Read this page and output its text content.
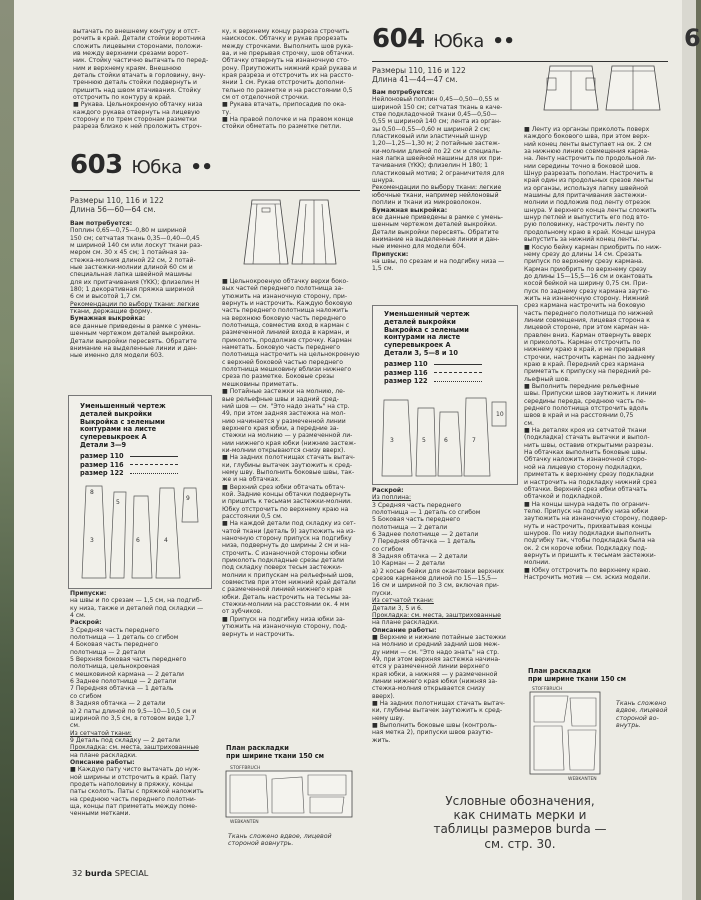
вытачать по внешнему контуру и отст-
рочить в край. Детали стойки воротника
сложить лицевыми сторонами, положи-
ив между верхними срезами ворот-
ник. Стойку частично вытачать по перед-
ним и верхнему краям. Внешнюю
деталь стойки втачать в горловину, вну-
треннюю деталь стойки подвернуть и
пришить над швом втачивания. Стойку
отстрочить по контуру в край.
■ Рукава. Цельнокроеную обтачку низа
каждого рукава отвернуть на лицевую
сторону и по трем сторонам разметки
разреза близко к ней проложить строч-
ку, к верхнему концу разреза строчить
наискосок. Обтачку и рукав прорезать
между строчками. Выполнить шов рука-
ва, и не прерывая строчку, шов обтачки.
Обтачку отвернуть на изнаночную сто-
рону. Приутюжить нижний край рукава и
края разреза и отстрочить их на рассто-
янии 1 см. Рукав отстрочить дополни-
тельно по разметке и на расстоянии 0,5
см от отделочной строчки.
■ Рукава втачать, припосадив по ока-
ту.
■ На правой полочке и на правом конце
стойки обметать по разметке петли.
603 Юбка ••
Размеры 110, 116 и 122
Длина 56—60—64 см.
Вам потребуется:
Поплин 0,65—0,75—0,80 м шириной
150 см; сетчатая ткань 0,35—0,40—0,45
м шириной 140 см или лоскут ткани раз-
мером см. 30 x 45 см; 1 потайная за-
стежка-молния длиной 22 см, 2 потай-
ные застежки-молнии длиной 60 см и
специальная лапка швейной машины
для их притачивания (YKK); флизелин H
180; 1 декоративная пряжка шириной
6 см и высотой 1,7 см.
Рекомендации по выбору ткани: легкие
ткани, держащие форму.
Бумажная выкройка:
все данные приведены в рамке с умень-
шенным чертежом деталей выкройки.
Детали выкройки пересвять. Обратите
внимание на выделенные линии и дан-
ные именно для модели 603.
Уменьшенный чертеж
деталей выкройки
Выкройка с зелеными
контурами на листе
суперевыкроек А
Детали 3—9
размер 110
размер 116
размер 122
8
5
3	6	4
9
Припуски:
на швы и по срезам — 1,5 см, на подгиб-
ку низа, также и деталей под складки —
4 см.
Раскрой:
3 Средняя часть переднего
полотнища — 1 деталь со сгибом
4 Боковая часть переднего
полотнища — 2 детали
5 Верхняя боковая часть переднего
полотнища, цельнокроеная
с мешковиной кармана — 2 детали
6 Заднее полотнище — 2 детали
7 Передняя обтачка — 1 деталь
со сгибом
8 Задняя обтачка — 2 детали
а) 2 паты длиной по 9,5—10—10,5 см и
шириной по 3,5 см, в готовом виде 1,7
см.
Из сетчатой ткани:
9 Деталь под складку — 2 детали
Прокладка: см. места, заштрихованные
на плане раскладки.
Описание работы:
■ Каждую пату чисто вытачать до нуж-
ной ширины и отстрочить в край. Пату
продеть наполовину в пряжку, концы
паты сколоть. Паты с пряжкой наложить
на среднюю часть переднего полотни-
ща, концы пат приметать между поме-
ченными метками.
■ Цельнокроеную обтачку верхи боко-
вых частей переднего полотнища за-
утюжить на изнаночную сторону, при-
вернуть и настрочить. Каждую боковую
часть переднего полотнища наложить
на верхнюю боковую часть переднего
полотнища, совместив вход в карман с
размеченной линией входа в карман, и
приколоть, продолжив строчку. Карман
наметать. Боковую часть переднего
полотнища настрочить на цельнокроеную
с верхней боковой частью переднего
полотнища мешковину вблизи нижнего
среза по разметке. Боковые срезы
мешковины приметать.
■ Потайные застежки на молнию, ле-
вые рельефные швы и задний сред-
ний шов — см. "Это надо знать" на стр.
49, при этом задняя застежка на мол-
нию начинается у размеченной линии
верхнего края юбки, а передние за-
стежки на молнию — у размеченной ли-
нии нижнего края юбки (нижние застеж-
ки-молнии открываются снизу вверх).
■ На задних полотнищах стачать вытач-
ки, глубины вытачек заутюжить к сред-
нему шву. Выполнить боковые швы, так-
же и на обтачках.
■ Верхний срез юбки обтачать обтач-
кой. Задние концы обтачки подвернуть
и пришить к тесьмам застежки-молнии.
Юбку отстрочить по верхнему краю на
расстоянии 0,5 см.
■ На каждой детали под складку из сет-
чатой ткани (деталь 9) заутюжить на из-
наночную сторону припуск на подгибку
низа, подвернуть до ширины 2 см и на-
строчить. С изнаночной стороны юбки
приколоть подкладные срезы детали
под складку поверх тесьм застежки-
молнии к припускам на рельефный шов,
совместив при этом нижний край детали
с размеченной линией нижнего края
юбки. Деталь настрочить на тесьмы за-
стежки-молнии на расстоянии ок. 4 мм
от зубчиков.
■ Припуск на подгибку низа юбки за-
утюжить на изнаночную сторону, под-
вернуть и настрочить.
План раскладки
при ширине ткани 150 см
STOFFBRUCH
WEBKANTEN
Ткань сложено вдвое, лицевой
стороной вовнутрь.
604 Юбка ••
Размеры 110, 116 и 122
Длина 41—44—47 см.
Вам потребуется:
Нейлоновый поплин 0,45—0,50—0,55 м
шириной 150 см; сетчатая ткань в каче-
стве подкладочной ткани 0,45—0,50—
0,55 м шириной 140 см; лента из орган-
зы 0,50—0,55—0,60 м шириной 2 см;
пластиковый или эластичный шнур
1,20—1,25—1,30 м; 2 потайные застеж-
ки-молнии длиной по 22 см и специаль-
ная лапка швейной машины для их при-
тачивания (YKK); флизелин H 180; 1
пластиковый мотив; 2 ограничителя для
шнура.
Рекомендации по выбору ткани: легкие
юбочные ткани, например нейлоновый
поплин и ткани из микроволокон.
Бумажная выкройка:
все данные приведены в рамке с умень-
шенным чертежом деталей выкройки.
Детали выкройки пересвять. Обратите
внимание на выделенные линии и дан-
ные именно для модели 604.
Припуски:
на швы, по срезам и на подгибку низа —
1,5 см.
Уменьшенный чертеж
деталей выкройки
Выкройка с зелеными
контурами на листе
суперевыкроек А
Детали 3, 5—8 и 10
размер 110
размер 116
размер 122
3	5	6	7
10
Раскрой:
Из поплина:
3 Средняя часть переднего
полотнища — 1 деталь со сгибом
5 Боковая часть переднего
полотнища — 2 детали
6 Заднее полотнище — 2 детали
7 Передняя обтачка — 1 деталь
со сгибом
8 Задняя обтачка — 2 детали
10 Карман — 2 детали
а) 2 косые бейки для окантовки верхних
срезов карманов длиной по 15—15,5—
16 см и шириной по 3 см, включая при-
пуски.
Из сетчатой ткани:
Детали 3, 5 и 6.
Прокладка: см. места, заштрихованные
на плане раскладки.
Описание работы:
■ Верхние и нижние потайные застежки
на молнию и средний задний шов меж-
ду ними — см. "Это надо знать" на стр.
49, при этом верхняя застежка начина-
ется у размеченной линии верхнего
края юбки, а нижняя — у размеченной
линии нижнего края юбки (нижняя за-
стежка-молния открывается снизу
вверх).
■ На задних полотнищах стачать вытач-
ки, глубины вытачек заутюжить к сред-
нему шву.
■ Выполнить боковые швы (контроль-
ная метка 2), припуски швов разутю-
жить.
■ Ленту из органзы приколоть поверх
каждого бокового шва, при этом верх-
ний конец ленты выступает на ок. 2 см
за нижнюю линию совмещения карма-
на. Ленту настрочить по продольной ли-
нии середины точно в боковой шов.
Шнур разрезать пополам. Настрочить в
край один из продольных срезов ленты
из органзы, используя лапку швейной
машины для притачивания застежки-
молнии и подложив под ленту отрезок
шнура. У верхнего конца ленты сложить
шнур петлей и выпустить его под вто-
рую половинку, настрочить ленту по
продольному краю в край. Концы шнура
выпустить за нижний конец ленты.
■ Косую бейку карман приобрить по ниж-
нему срезу до длины 14 см. Срезать
припуск по верхнему срезу кармана.
Карман приобрить по верхнему срезу
до длины 15—15,5—16 см и окантовать
косой бейкой на ширину 0,75 см. При-
пуск по заднему срезу кармана заутю-
жить на изнаночную сторону. Нижний
срез кармана настрочить на боковую
часть переднего полотнища по нижней
линии совмещения, лицевая сторона к
лицевой стороне, при этом карман на-
правлен вниз. Карман отвернуть вверх
и приколоть. Карман отстрочить по
нижнему краю в край, и не прерывая
строчки, настрочить карман по заднему
краю в край. Передний срез кармана
приметать к припуску на передний ре-
льефный шов.
■ Выполнить передние рельефные
швы. Припуски швов заутюжить к линии
середины переда, среднюю часть пе-
реднего полотнища отстрочить вдоль
швов в край и на расстоянии 0,75
см.
■ На деталях кроя из сетчатой ткани
(подкладка) стачать вытачки и выпол-
нить швы, оставив открытыми разрезы.
На обтачках выполнить боковые швы.
Обтачку наложить изнаночной сторо-
ной на лицевую сторону подкладки,
приметать к верхнему срезу подкладки
и настрочить на подкладку нижний срез
обтачки. Верхний срез юбки обтачать
обтачкой и подкладкой.
■ На концы шнура надеть по огранич-
телю. Припуск на подгибку низа юбки
заутюжить на изнаночную сторону, подвер-
нуть и настрочить, прихватывая концы
шнуров. По низу подкладки выполнить
подгибку так, чтобы подкладка была на
ок. 2 см короче юбки. Подкладку под-
вернуть и пришить к тесьмам застежки-
молнии.
■ Юбку отстрочить по верхнему краю.
Настрочить мотив — см. эскиз модели.
План раскладки
при ширине ткани 150 см
STOFFBRUCH
WEBKANTEN
Ткань сложено
вдвое, лицевой
стороной во-
внутрь.
Условные обозначения,
как снимать мерки и
таблицы размеров burda —
см. стр. 30.
32 burda SPECIAL
6
